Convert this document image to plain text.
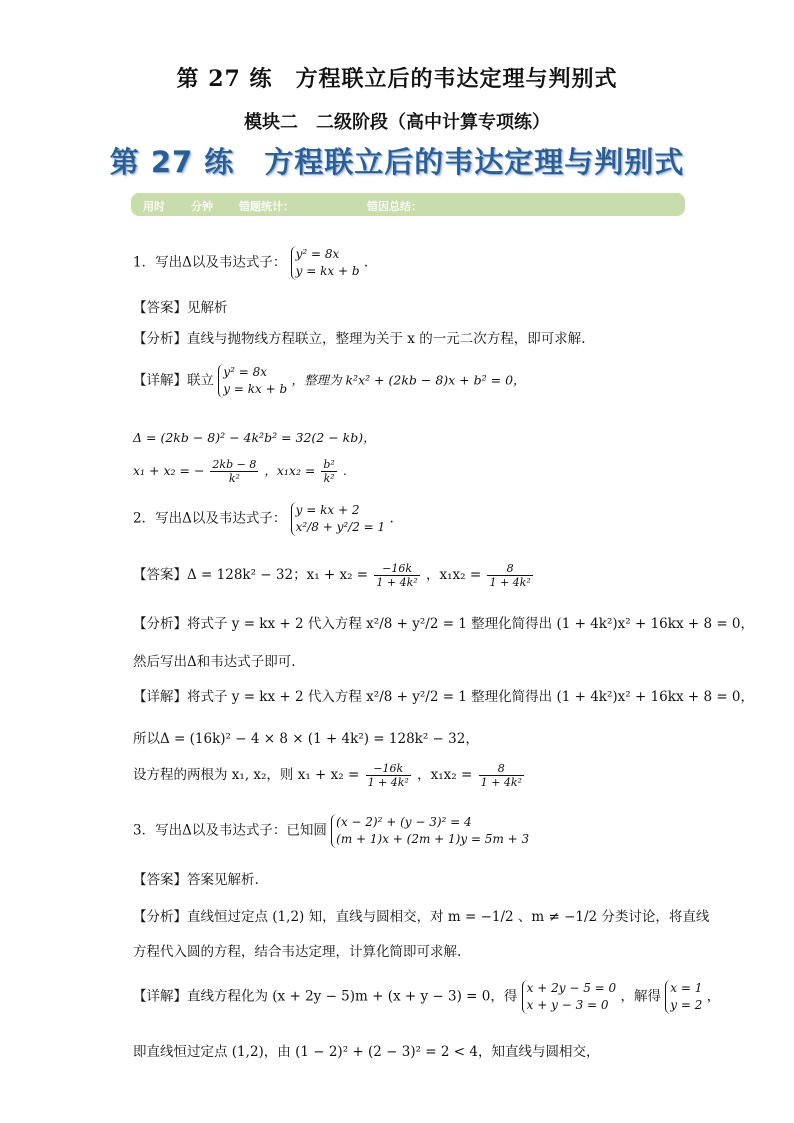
第 27 练　方程联立后的韦达定理与判别式
模块二　二级阶段（高中计算专项练）
第 27 练　方程联立后的韦达定理与判别式
用时 分钟 错题统计：	错因总结：
1．写出Δ以及韦达式子：
y² = 8x
y = kx + b
.
【答案】见解析
【分析】直线与抛物线方程联立，整理为关于 x 的一元二次方程，即可求解.
【详解】联立
y² = 8x
y = kx + b
，整理为 k²x² + (2kb − 8)x + b² = 0，
Δ = (2kb − 8)² − 4k²b² = 32(2 − kb)，
x₁ + x₂ = − $\frac{2kb - 8}{\text{k²}}$ ，$x_1x_2 = \frac{\text{b²}}{\text{k²}}$ .
2．写出Δ以及韦达式子：
y = kx + 2
x²/8 + y²/2 = 1
.
【答案】Δ = 128k² − 32；$x_1 + x_2 = \frac{-16k}{\text{1 + 4k²}}$ ，$x_1x_2 = \frac{8}{\text{1 + 4k²}}$
【分析】将式子 y = kx + 2 代入方程 x²/8 + y²/2 = 1 整理化简得出 (1 + 4k²)x² + 16kx + 8 = 0，
然后写出Δ和韦达式子即可.
【详解】将式子 y = kx + 2 代入方程 x²/8 + y²/2 = 1 整理化简得出 (1 + 4k²)x² + 16kx + 8 = 0，
所以Δ = (16k)² − 4 × 8 × (1 + 4k²) = 128k² − 32，
设方程的两根为 x₁, x₂，则 $x_1 + x_2 = \frac{-16k}{\text{1 + 4k²}}$ ，$x_1x_2 = \frac{8}{\text{1 + 4k²}}$
3．写出Δ以及韦达式子：已知圆
(x − 2)² + (y − 3)² = 4
(m + 1)x + (2m + 1)y = 5m + 3
【答案】答案见解析.
【分析】直线恒过定点 (1,2) 知，直线与圆相交，对 m = −1/2 、m ≠ −1/2 分类讨论，将直线
方程代入圆的方程，结合韦达定理，计算化简即可求解.
【详解】直线方程化为 (x + 2y − 5)m + (x + y − 3) = 0，得
x + 2y − 5 = 0
x + y − 3 = 0
，解得
x = 1
y = 2
，
即直线恒过定点 (1,2)，由 (1 − 2)² + (2 − 3)² = 2 < 4，知直线与圆相交，
